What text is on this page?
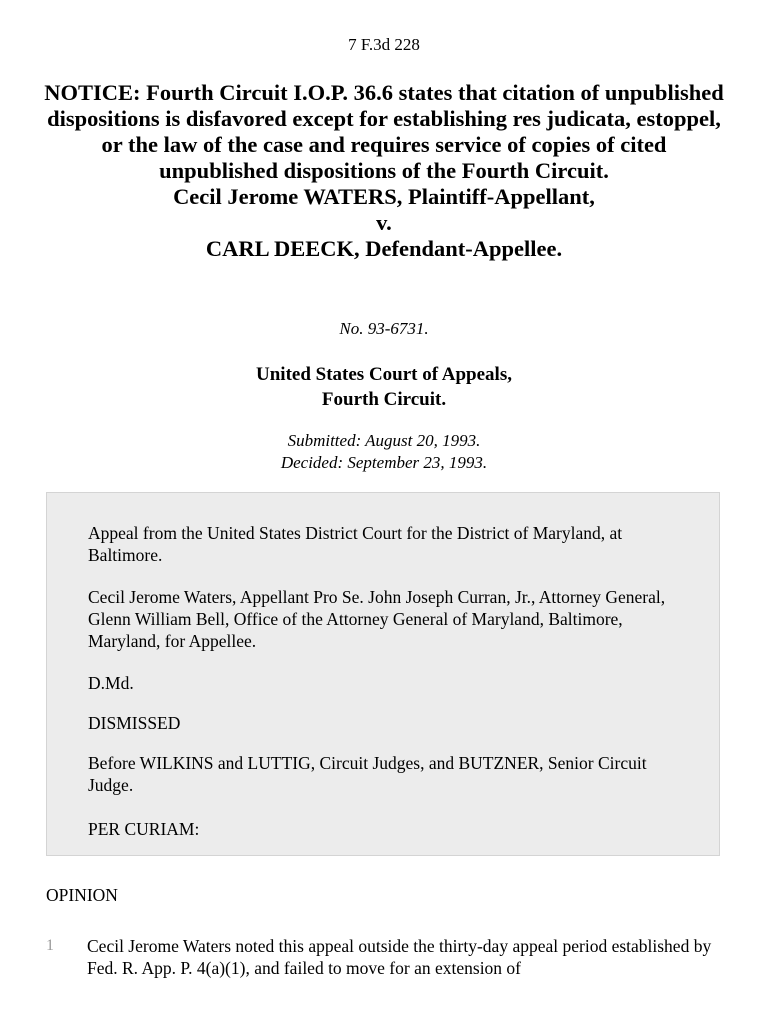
7 F.3d 228
NOTICE: Fourth Circuit I.O.P. 36.6 states that citation of unpublished dispositions is disfavored except for establishing res judicata, estoppel, or the law of the case and requires service of copies of cited unpublished dispositions of the Fourth Circuit.
Cecil Jerome WATERS, Plaintiff-Appellant,
v.
CARL DEECK, Defendant-Appellee.
No. 93-6731.
United States Court of Appeals,
Fourth Circuit.
Submitted: August 20, 1993.
Decided: September 23, 1993.

Appeal from the United States District Court for the District of Maryland, at Baltimore.

Cecil Jerome Waters, Appellant Pro Se. John Joseph Curran, Jr., Attorney General, Glenn William Bell, Office of the Attorney General of Maryland, Baltimore, Maryland, for Appellee.

D.Md.

DISMISSED

Before WILKINS and LUTTIG, Circuit Judges, and BUTZNER, Senior Circuit Judge.

PER CURIAM:

OPINION
1 Cecil Jerome Waters noted this appeal outside the thirty-day appeal period established by Fed. R. App. P. 4(a)(1), and failed to move for an extension of
